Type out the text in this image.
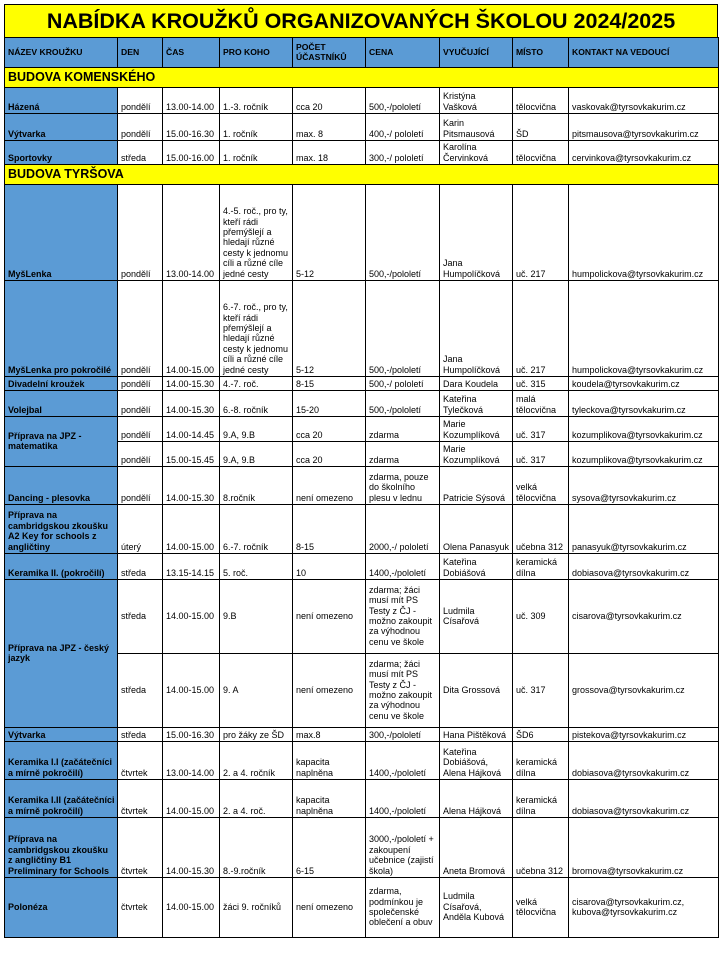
NABÍDKA KROUŽKŮ ORGANIZOVANÝCH ŠKOLOU 2024/2025
NÁZEV KROUŽKU	DEN	ČAS	PRO KOHO	POČET
ÚČASTNÍKŮ	CENA	VYUČUJÍCÍ	MÍSTO	KONTAKT NA VEDOUCÍ
BUDOVA KOMENSKÉHO								
Házená	pondělí	13.00-14.00	1.-3. ročník	cca 20	500,-/pololetí	Kristýna Vašková	tělocvična	vaskovak@tyrsovkakurim.cz
Výtvarka	pondělí	15.00-16.30	1. ročník	max. 8	400,-/ pololetí	Karin Pitsmausová	ŠD	pitsmausova@tyrsovkakurim.cz
Sportovky	středa	15.00-16.00	1. ročník	max. 18	300,-/ pololetí	Karolína Červinková	tělocvična	cervinkova@tyrsovkakurim.cz
BUDOVA TYRŠOVA								
MyšLenka	pondělí	13.00-14.00	4.-5. roč., pro ty, kteří rádi přemýšlejí a hledají různé cesty k jednomu cíli a různé cíle jedné cesty	5-12	500,-/pololetí	Jana Humpolíčková	uč. 217	humpolickova@tyrsovkakurim.cz
MyšLenka pro pokročilé	pondělí	14.00-15.00	6.-7. roč., pro ty, kteří rádi přemýšlejí a hledají různé cesty k jednomu cíli a různé cíle jedné cesty	5-12	500,-/pololetí	Jana Humpolíčková	uč. 217	humpolickova@tyrsovkakurim.cz
Divadelní kroužek	pondělí	14.00-15.30	4.-7. roč.	8-15	500,-/ pololetí	Dara Koudela	uč. 315	koudela@tyrsovkakurim.cz
Volejbal	pondělí	14.00-15.30	6.-8. ročník	15-20	500,-/pololetí	Kateřina Tylečková	malá tělocvična	tyleckova@tyrsovkakurim.cz
Příprava na JPZ - matematika	pondělí	14.00-14.45	9.A, 9.B	cca 20	zdarma	Marie Kozumplíková	uč. 317	kozumplikova@tyrsovkakurim.cz
	pondělí	15.00-15.45	9.A, 9.B	cca 20	zdarma	Marie Kozumplíková	uč. 317	kozumplikova@tyrsovkakurim.cz
Dancing - plesovka	pondělí	14.00-15.30	8.ročník	není omezeno	zdarma, pouze do školního plesu v lednu	Patricie Sýsová	velká tělocvična	sysova@tyrsovkakurim.cz
Příprava na cambridgskou zkoušku A2 Key for schools z angličtiny	úterý	14.00-15.00	6.-7. ročník	8-15	2000,-/ pololetí	Olena Panasyuk	učebna 312	panasyuk@tyrsovkakurim.cz
Keramika II. (pokročilí)	středa	13.15-14.15	5. roč.	10	1400,-/pololetí	Kateřina Dobiášová	keramická dílna	dobiasova@tyrsovkakurim.cz
Příprava na JPZ - český jazyk	středa	14.00-15.00	9.B	není omezeno	zdarma; žáci musí mít PS Testy z ČJ - možno zakoupit za výhodnou cenu ve škole	Ludmila Císařová	uč. 309	cisarova@tyrsovkakurim.cz
	středa	14.00-15.00	9. A	není omezeno	zdarma; žáci musí mít PS Testy z ČJ - možno zakoupit za výhodnou cenu ve škole	Dita Grossová	uč. 317	grossova@tyrsovkakurim.cz
Výtvarka	středa	15.00-16.30	pro žáky ze ŠD	max.8	300,-/pololetí	Hana Pištěková	ŠD6	pistekova@tyrsovkakurim.cz
Keramika I.I (začátečníci a mírně pokročilí)	čtvrtek	13.00-14.00	2. a 4. ročník	kapacita naplněna	1400,-/pololetí	Kateřina Dobiášová, Alena Hájková	keramická dílna	dobiasova@tyrsovkakurim.cz
Keramika I.II (začátečníci a mírně pokročilí)	čtvrtek	14.00-15.00	2. a 4. roč.	kapacita naplněna	1400,-/pololetí	Alena Hájková	keramická dílna	dobiasova@tyrsovkakurim.cz
Příprava na cambridgskou zkoušku z angličtiny B1 Preliminary for Schools	čtvrtek	14.00-15.30	8.-9.ročník	6-15	3000,-/pololetí + zakoupení učebnice (zajistí škola)	Aneta Bromová	učebna 312	bromova@tyrsovkakurim.cz
Polonéza	čtvrtek	14.00-15.00	žáci 9. ročníků	není omezeno	zdarma, podmínkou je společenské oblečení a obuv	Ludmila Císařová, Anděla Kubová	velká tělocvična	cisarova@tyrsovkakurim.cz, kubova@tyrsovkakurim.cz
